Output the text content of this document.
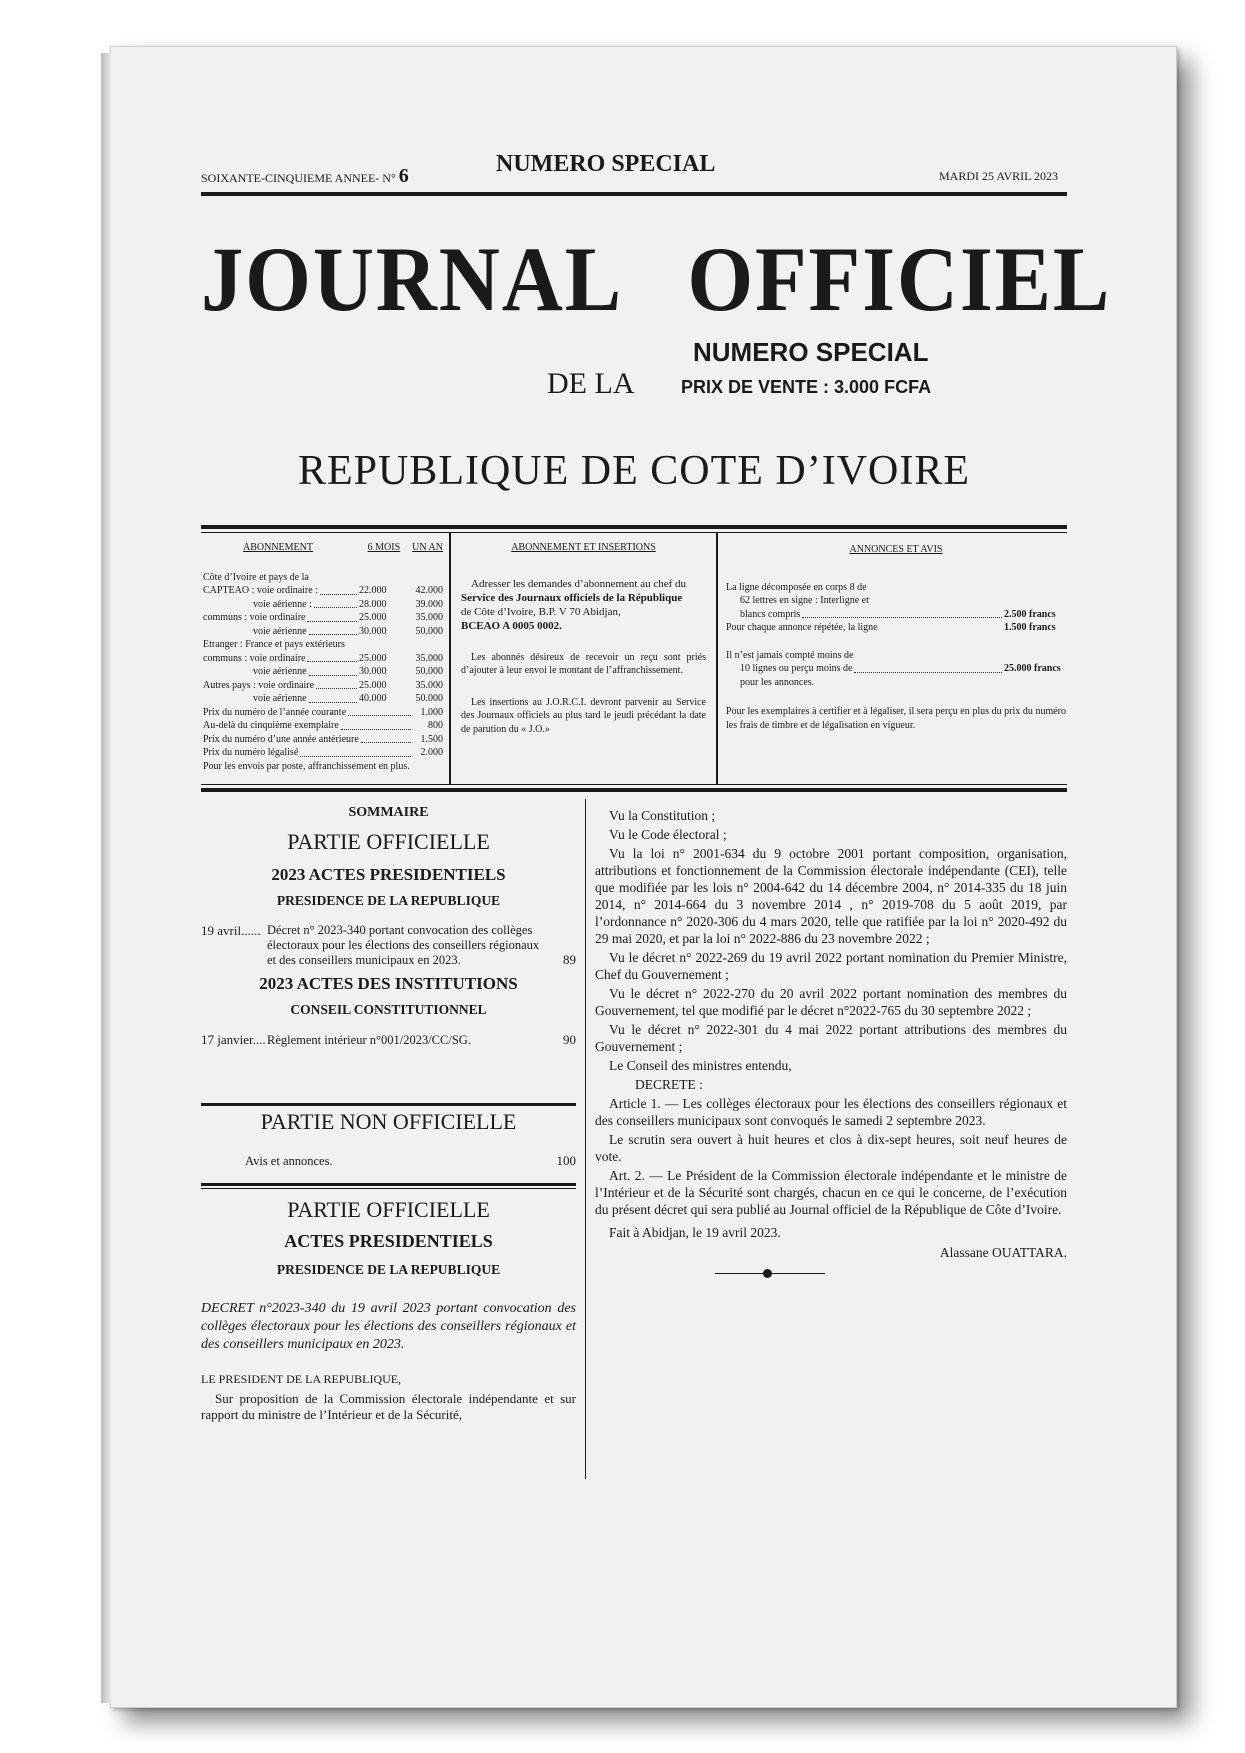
SOIXANTE-CINQUIEME ANNEE- N° 6	NUMERO SPECIAL	MARDI 25 AVRIL 2023
JOURNAL   OFFICIEL
DE LA
NUMERO SPECIAL
PRIX DE VENTE : 3.000 FCFA
REPUBLIQUE DE COTE D’IVOIRE
ABONNEMENT	6 MOIS UN AN
Côte d’Ivoire et pays de la
CAPTEAO : voie ordinaire :	22.000	42.000
voie aérienne :	28.000	39.000
communs : voie ordinaire	25.000	35.000
voie aérienne	30.000	50.000
Etranger : France et pays extérieurs
communs : voie ordinaire	25.000	35.000
voie aérienne	30.000	50.000
Autres pays : voie ordinaire	25.000	35.000
voie aérienne	40.000	50.000
Prix du numéro de l’année courante	1.000
Au-delà du cinquième exemplaire	800
Prix du numéro d’une année antérieure	1.500
Prix du numéro légalisé	2.000
Pour les envois par poste, affranchissement en plus.
ABONNEMENT ET INSERTIONS
Adresser les demandes d’abonnement au chef du
Service des Journaux officiels de la République
de Côte d’Ivoire, B.P. V 70 Abidjan,
BCEAO A 0005 0002.
Les abonnés désireux de recevoir un reçu sont priés d’ajouter à leur envoi le montant de l’affranchissement.
Les insertions au J.O.R.C.I. devront parvenir au Service des Journaux officiels au plus tard le jeudi précédant la date de parution du « J.O.»
ANNONCES ET AVIS
La ligne décomposée en corps 8 de
62 lettres en signe : Interligne et
blancs compris	2.500 francs
Pour chaque annonce répétée, la ligne	1.500 francs
Il n’est jamais compté moins de
10 lignes ou perçu moins de	25.000 francs
pour les annonces.
Pour les exemplaires à certifier et à légaliser, il sera perçu en plus du prix du numéro les frais de timbre et de légalisation en vigueur.
SOMMAIRE
PARTIE OFFICIELLE
2023 ACTES PRESIDENTIELS
PRESIDENCE DE LA REPUBLIQUE
19 avril...... Décret n° 2023-340 portant convocation des collèges électoraux pour les élections des conseillers régionaux et des conseillers municipaux en 2023.	89
2023 ACTES DES INSTITUTIONS
CONSEIL CONSTITUTIONNEL
17 janvier.... Règlement intérieur n°001/2023/CC/SG.	90
PARTIE NON OFFICIELLE
Avis et annonces.	100
PARTIE OFFICIELLE
ACTES PRESIDENTIELS
PRESIDENCE DE LA REPUBLIQUE
DECRET n°2023-340 du 19 avril 2023 portant convocation des collèges électoraux pour les élections des conseillers régionaux et des conseillers municipaux en 2023.
LE PRESIDENT DE LA REPUBLIQUE,
Sur proposition de la Commission électorale indépendante et sur rapport du ministre de l’Intérieur et de la Sécurité,

Vu la Constitution ;

Vu le Code électoral ;

Vu la loi n° 2001-634 du 9 octobre 2001 portant composition, organisation, attributions et fonctionnement de la Commission électorale indépendante (CEI), telle que modifiée par les lois n° 2004-642 du 14 décembre 2004, n° 2014-335 du 18 juin 2014, n° 2014-664 du 3 novembre 2014 , n° 2019-708 du 5 août 2019, par l’ordonnance n° 2020-306 du 4 mars 2020, telle que ratifiée par la loi n° 2020-492 du 29 mai 2020, et par la loi n° 2022-886 du 23 novembre 2022 ;

Vu le décret n° 2022-269 du 19 avril 2022 portant nomination du Premier Ministre, Chef du Gouvernement ;

Vu le décret n° 2022-270 du 20 avril 2022 portant nomination des membres du Gouvernement, tel que modifié par le décret n°2022-765 du 30 septembre 2022 ;

Vu le décret n° 2022-301 du 4 mai 2022 portant attributions des membres du Gouvernement ;

Le Conseil des ministres entendu,

DECRETE :

Article 1. — Les collèges électoraux pour les élections des conseillers régionaux et des conseillers municipaux sont convoqués le samedi 2 septembre 2023.

Le scrutin sera ouvert à huit heures et clos à dix-sept heures, soit neuf heures de vote.

Art. 2. — Le Président de la Commission électorale indépendante et le ministre de l’Intérieur et de la Sécurité sont chargés, chacun en ce qui le concerne, de l’exécution du présent décret qui sera publié au Journal officiel de la République de Côte d’Ivoire.

Fait à Abidjan, le 19 avril 2023.

Alassane OUATTARA.
